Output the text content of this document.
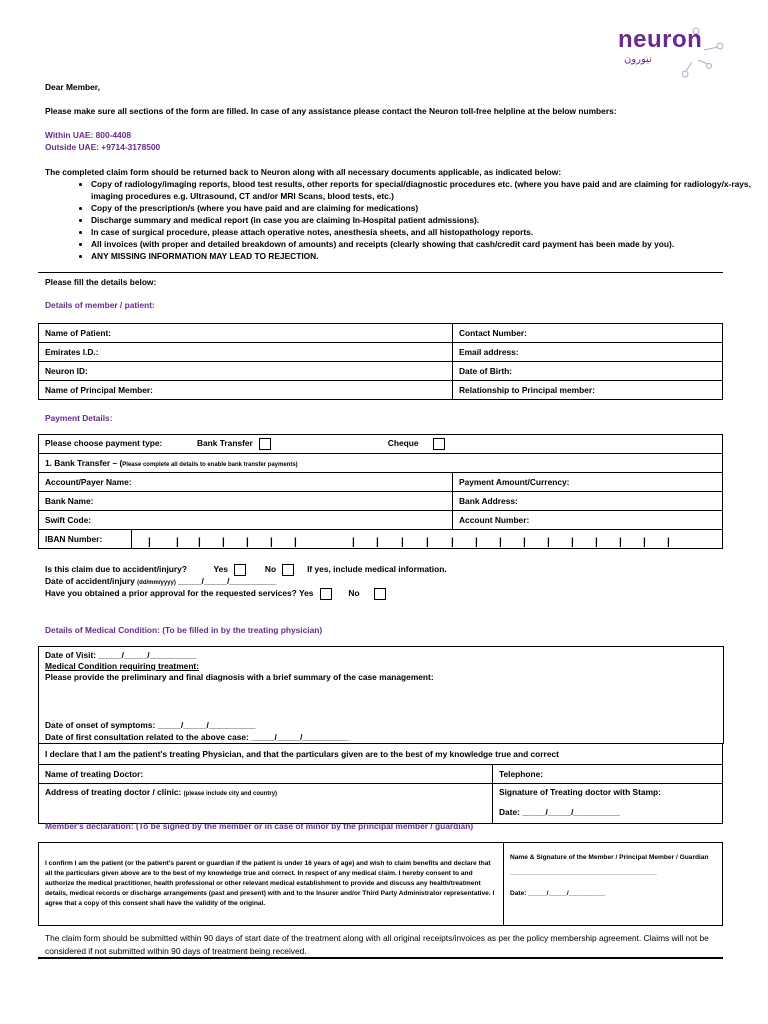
neuron
نيورون
Dear Member,
Please make sure all sections of the form are filled. In case of any assistance please contact the Neuron toll-free helpline at the below numbers:
Within UAE: 800-4408
Outside UAE: +9714-3178500
The completed claim form should be returned back to Neuron along with all necessary documents applicable, as indicated below:
• Copy of radiology/imaging reports, blood test results, other reports for special/diagnostic procedures etc. (where you have paid and are claiming for radiology/x-rays, imaging procedures e.g. Ultrasound, CT and/or MRI Scans, blood tests, etc.)
• Copy of the prescription/s (where you have paid and are claiming for medications)
• Discharge summary and medical report (in case you are claiming In-Hospital patient admissions).
• In case of surgical procedure, please attach operative notes, anesthesia sheets, and all histopathology reports.
• All invoices (with proper and detailed breakdown of amounts) and receipts (clearly showing that cash/credit card payment has been made by you).
• ANY MISSING INFORMATION MAY LEAD TO REJECTION.
Please fill the details below:
Details of member / patient:
Name of Patient:	Contact Number:
Emirates I.D.:	Email address:
Neuron ID:	Date of Birth:
Name of Principal Member:	Relationship to Principal member:
Payment Details:
Please choose payment type: Bank Transfer Cheque	
1. Bank Transfer – (Please complete all details to enable bank transfer payments)	
Account/Payer Name:	Payment Amount/Currency:
Bank Name:	Bank Address:
Swift Code:	Account Number:
IBAN Number:		|	| | | | | |	| | | | | | | | | | | | | |
Is this claim due to accident/injury?	Yes	No	If yes, include medical information.
Date of accident/injury (dd/mm/yyyy) _____/_____/__________
Have you obtained a prior approval for the requested services? Yes	No
Details of Medical Condition: (To be filled in by the treating physician)
Date of Visit: _____/_____/__________
Medical Condition requiring treatment:
Please provide the preliminary and final diagnosis with a brief summary of the case management:
Date of onset of symptoms: _____/_____/__________
Date of first consultation related to the above case: _____/_____/__________
I declare that I am the patient's treating Physician, and that the particulars given are to the best of my knowledge true and correct	
Name of treating Doctor:	Telephone:
Address of treating doctor / clinic: (please include city and country)	Signature of Treating doctor with Stamp:
Date: _____/_____/__________
Member's declaration: (To be signed by the member or in case of minor by the principal member / guardian)
I confirm I am the patient (or the patient's parent or guardian if the patient is under 16 years of age) and wish to claim benefits and declare that all the particulars given above are to the best of my knowledge true and correct. In respect of any medical claim. I hereby consent to and authorize the medical practitioner, health professional or other relevant medical establishment to provide and discuss any health/treatment details, medical records or discharge arrangements (past and present) with and to the Insurer and/or Third Party Administrator representative. I agree that a copy of this consent shall have the validity of the original.	
Name & Signature of the Member / Principal Member / Guardian
________________________________________
Date: _____/_____/__________
The claim form should be submitted within 90 days of start date of the treatment along with all original receipts/invoices as per the policy membership agreement. Claims will not be considered if not submitted within 90 days of treatment being received.
